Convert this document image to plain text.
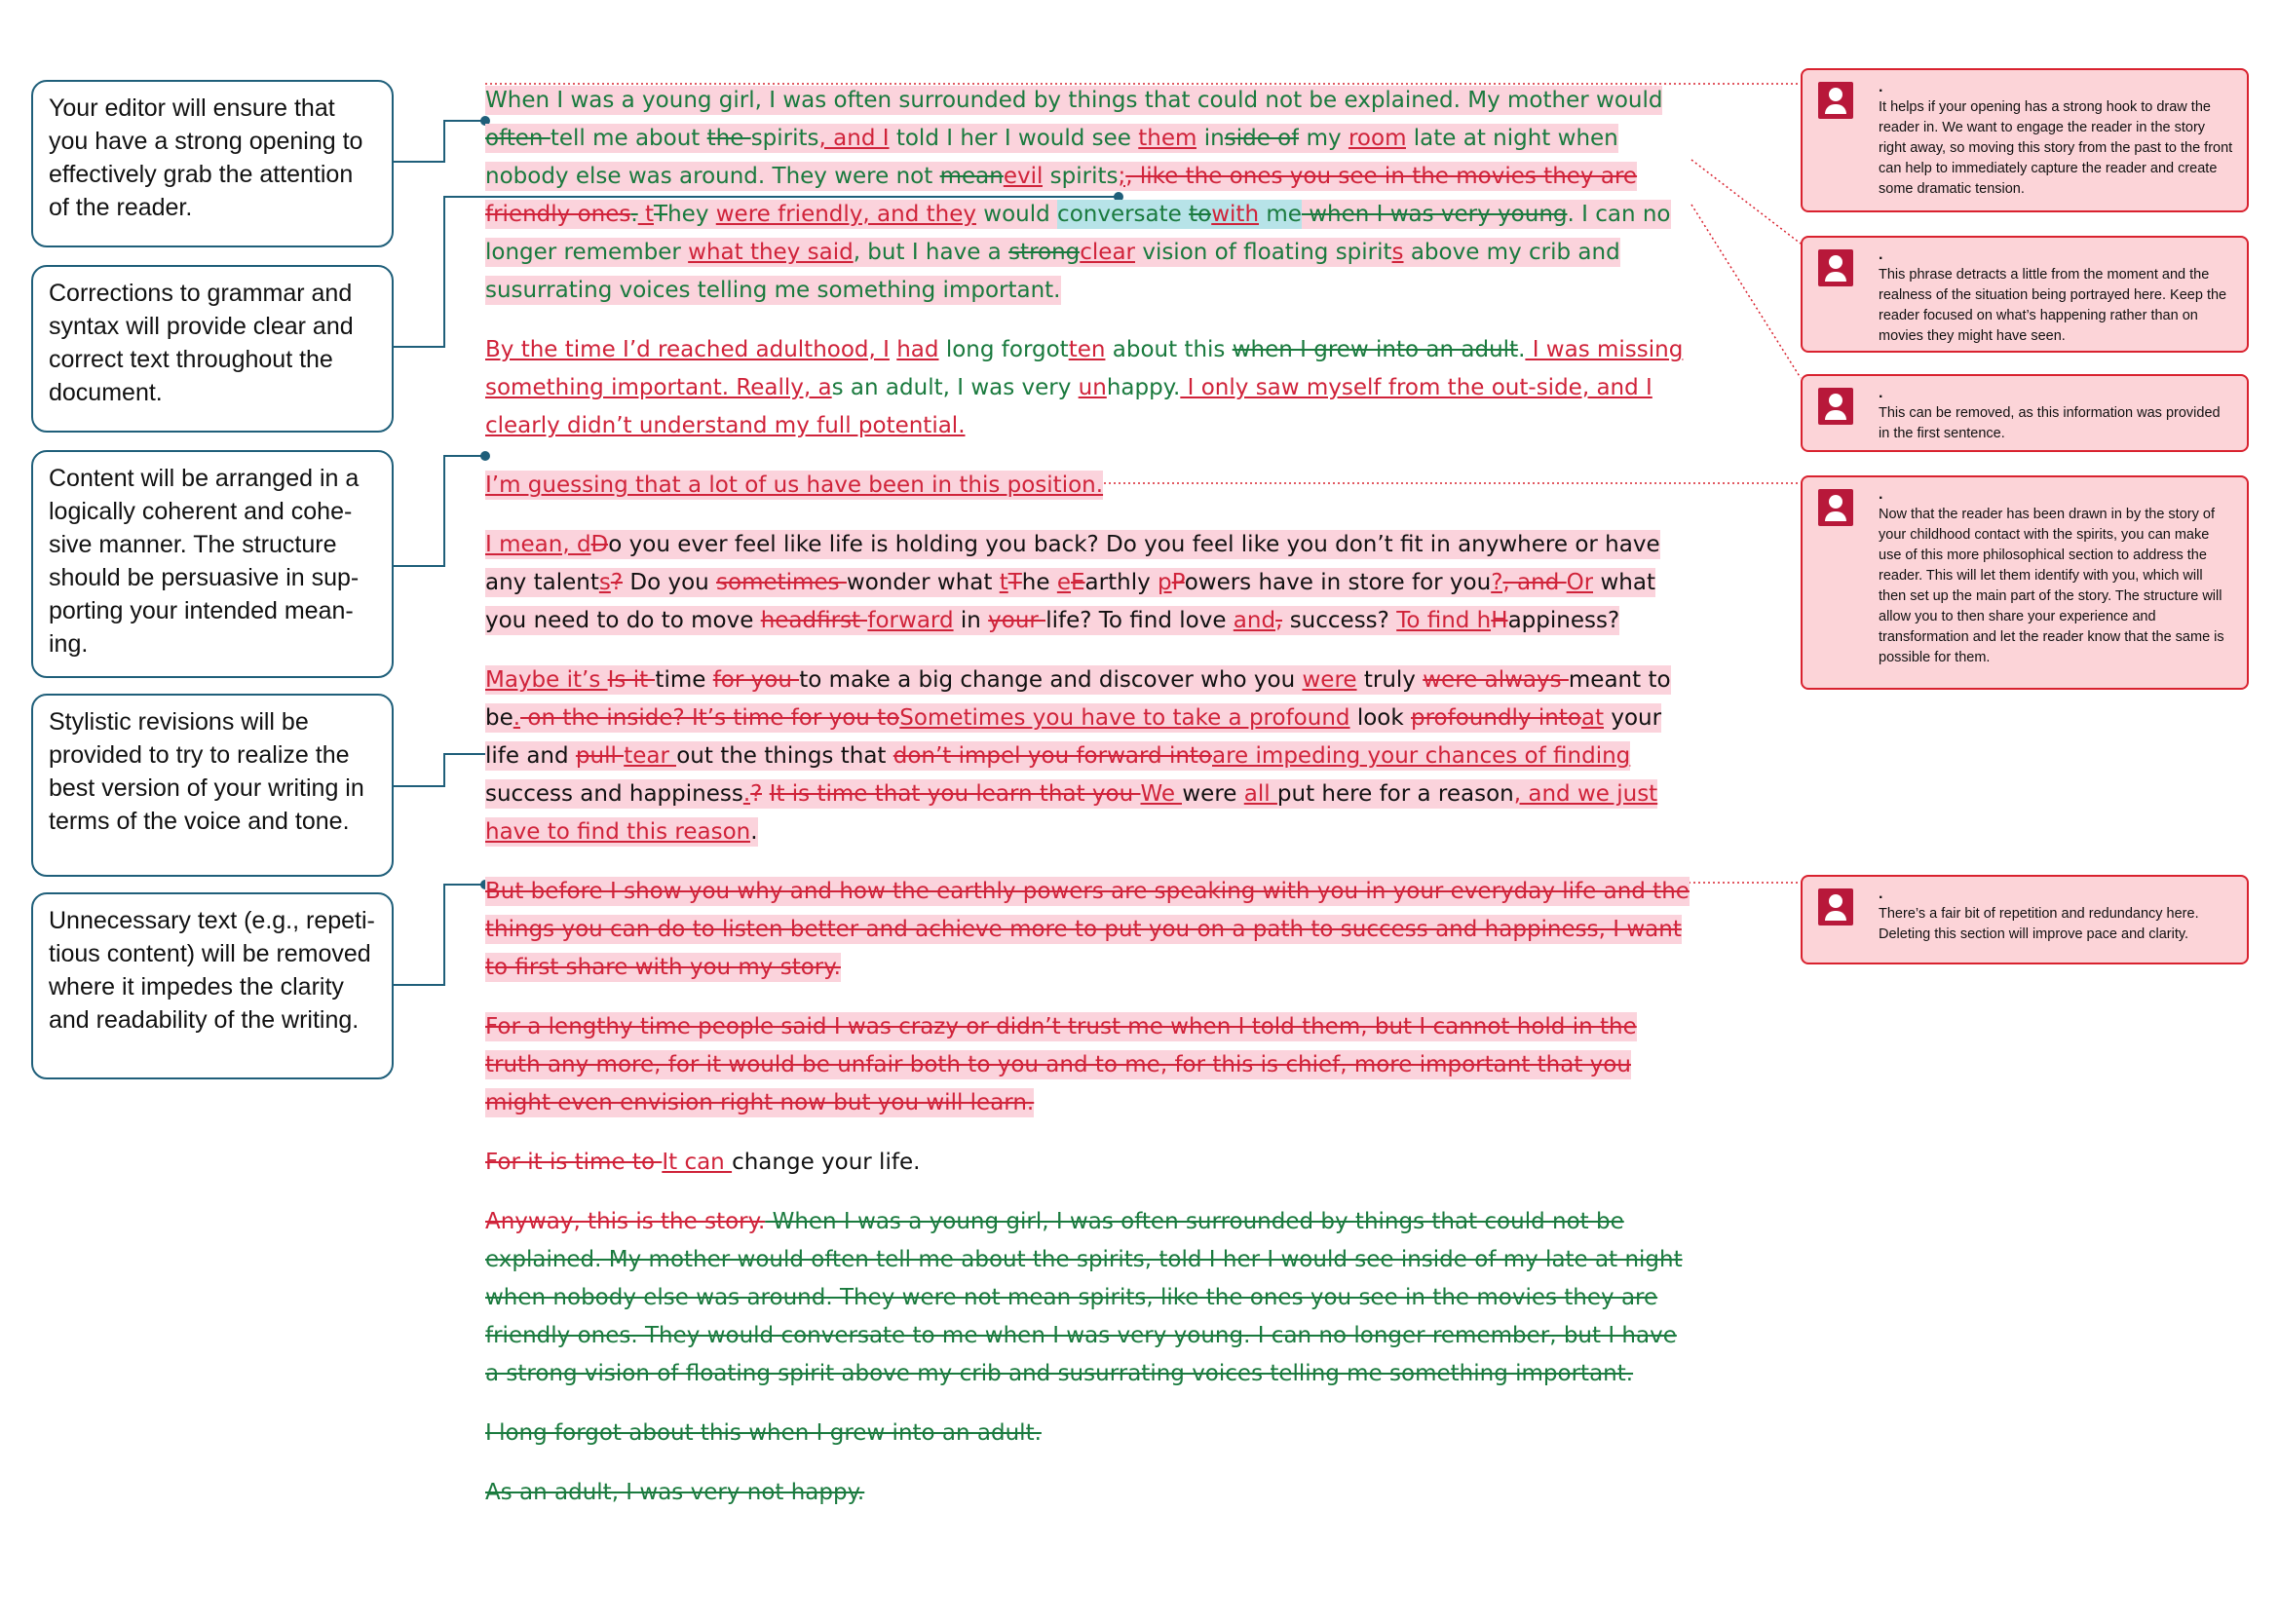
Your editor will ensure that you have a strong opening to effectively grab the attention of the reader.
Corrections to grammar and syntax will provide clear and correct text throughout the document.
Content will be arranged in a logically coherent and cohe-sive manner. The structure should be persuasive in sup-porting your intended mean-ing.
Stylistic revisions will be provided to try to realize the best version of your writing in terms of the voice and tone.
Unnecessary text (e.g., repeti-tious content) will be removed where it impedes the clarity and readability of the writing.

When I was a young girl, I was often surrounded by things that could not be explained. My mother would often tell me about the spirits, and I told I her I would see them inside of my room late at night when nobody else was around. They were not meanevil spirits;, like the ones you see in the movies they are friendly ones. tThey were friendly, and they would conversate towith me when I was very young. I can no longer remember what they said, but I have a strongclear vision of floating spirits above my crib and susurrating voices telling me something important.

By the time I’d reached adulthood, I had long forgotten about this when I grew into an adult. I was missing something important. Really, as an adult, I was very unhappy. I only saw myself from the out-side, and I clearly didn’t understand my full potential.

I’m guessing that a lot of us have been in this position.

I mean, dDo you ever feel like life is holding you back? Do you feel like you don’t fit in anywhere or have any talents? Do you sometimes wonder what tThe eEarthly pPowers have in store for you?, and Or what you need to do to move headfirst forward in your life? To find love and, success? To find hHappiness?

Maybe it’s Is it time for you to make a big change and discover who you were truly were always meant to be. on the inside? It’s time for you toSometimes you have to take a profound look profoundly intoat your life and pull tear out the things that don’t impel you forward intoare impeding your chances of finding success and happiness.? It is time that you learn that you We were all put here for a reason, and we just have to find this reason.

But before I show you why and how the earthly powers are speaking with you in your everyday life and the things you can do to listen better and achieve more to put you on a path to success and happiness, I want to first share with you my story.

For a lengthy time people said I was crazy or didn’t trust me when I told them, but I cannot hold in the truth any more, for it would be unfair both to you and to me, for this is chief, more important that you might even envision right now but you will learn.

For it is time to It can change your life.

Anyway, this is the story. When I was a young girl, I was often surrounded by things that could not be explained. My mother would often tell me about the spirits, told I her I would see inside of my late at night when nobody else was around. They were not mean spirits, like the ones you see in the movies they are friendly ones. They would conversate to me when I was very young. I can no longer remember, but I have a strong vision of floating spirit above my crib and susurrating voices telling me something important.

I long forgot about this when I grew into an adult.

As an adult, I was very not happy.

.
It helps if your opening has a strong hook to draw the reader in. We want to engage the reader in the story right away, so moving this story from the past to the front can help to immediately capture the reader and create some dramatic tension.
.
This phrase detracts a little from the moment and the realness of the situation being portrayed here. Keep the reader focused on what’s happening rather than on movies they might have seen.
.
This can be removed, as this information was provided in the first sentence.
.
Now that the reader has been drawn in by the story of your childhood contact with the spirits, you can make use of this more philosophical section to address the reader. This will let them identify with you, which will then set up the main part of the story. The structure will allow you to then share your experience and transformation and let the reader know that the same is possible for them.
.
There’s a fair bit of repetition and redundancy here. Deleting this section will improve pace and clarity.
